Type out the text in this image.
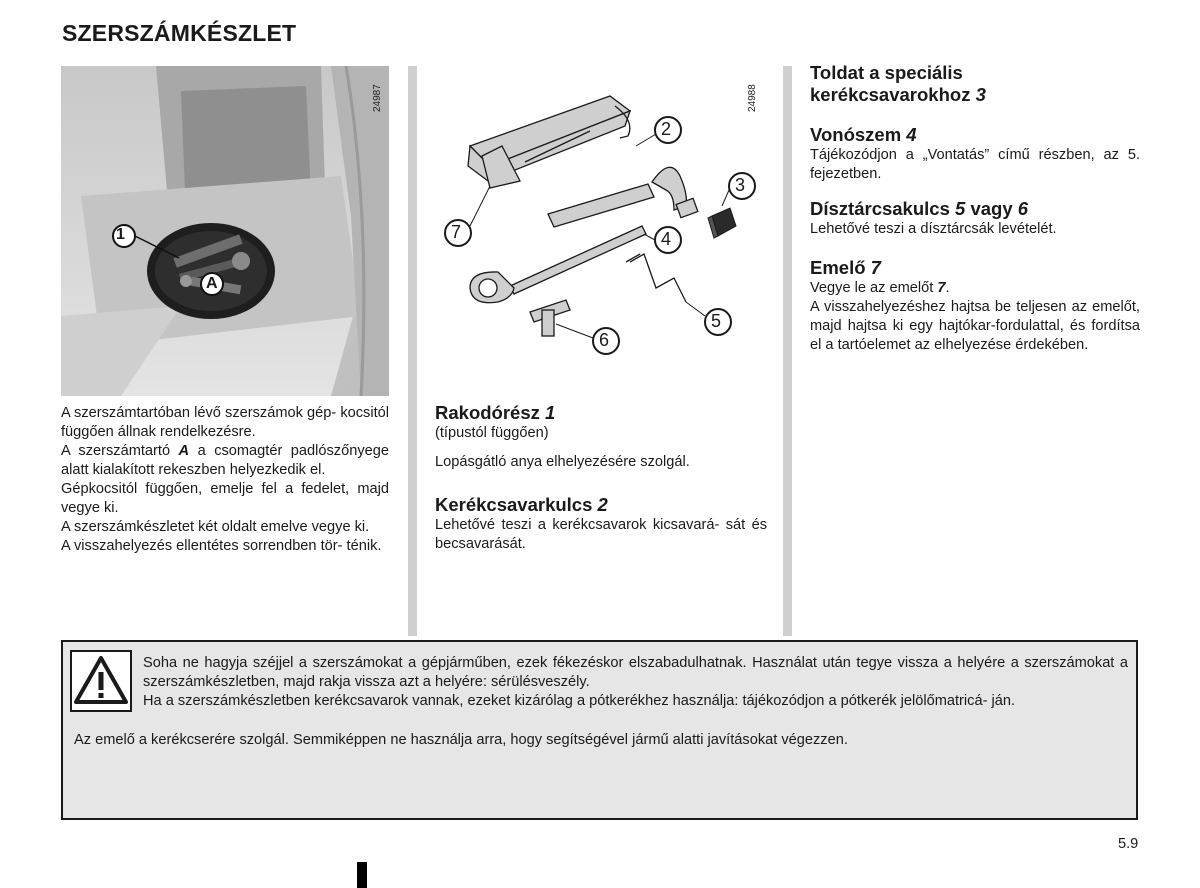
SZERSZÁMKÉSZLET
1
A
24987

A szerszámtartóban lévő szerszámok gép- kocsitól függően állnak rendelkezésre.

A szerszámtartó A a csomagtér padlószőnyege alatt kialakított rekeszben helyezkedik el.

Gépkocsitól függően, emelje fel a fedelet, majd vegye ki.

A szerszámkészletet két oldalt emelve vegye ki.

A visszahelyezés ellentétes sorrendben tör- ténik.

2
3
4
5
6
7
24988
Rakodórész 1
(típustól függően)
Lopásgátló anya elhelyezésére szolgál.
Kerékcsavarkulcs 2
Lehetővé teszi a kerékcsavarok kicsavará- sát és becsavarását.
Toldat a speciális
kerékcsavarokhoz 3
Vonószem 4
Tájékozódjon a „Vontatás” című részben, az 5. fejezetben.
Dísztárcsakulcs 5 vagy 6
Lehetővé teszi a dísztárcsák levételét.
Emelő 7
Vegye le az emelőt 7.
A visszahelyezéshez hajtsa be teljesen az emelőt, majd hajtsa ki egy hajtókar-fordulattal, és fordítsa el a tartóelemet az elhelyezése érdekében.
Soha ne hagyja széjjel a szerszámokat a gépjárműben, ezek fékezéskor elszabadulhatnak. Használat után tegye vissza a helyére a szerszámokat a szerszámkészletben, majd rakja vissza azt a helyére: sérülésveszély.
Ha a szerszámkészletben kerékcsavarok vannak, ezeket kizárólag a pótkerékhez használja: tájékozódjon a pótkerék jelölőmatricá- ján.
Az emelő a kerékcserére szolgál. Semmiképpen ne használja arra, hogy segítségével jármű alatti javításokat végezzen.
5.9
